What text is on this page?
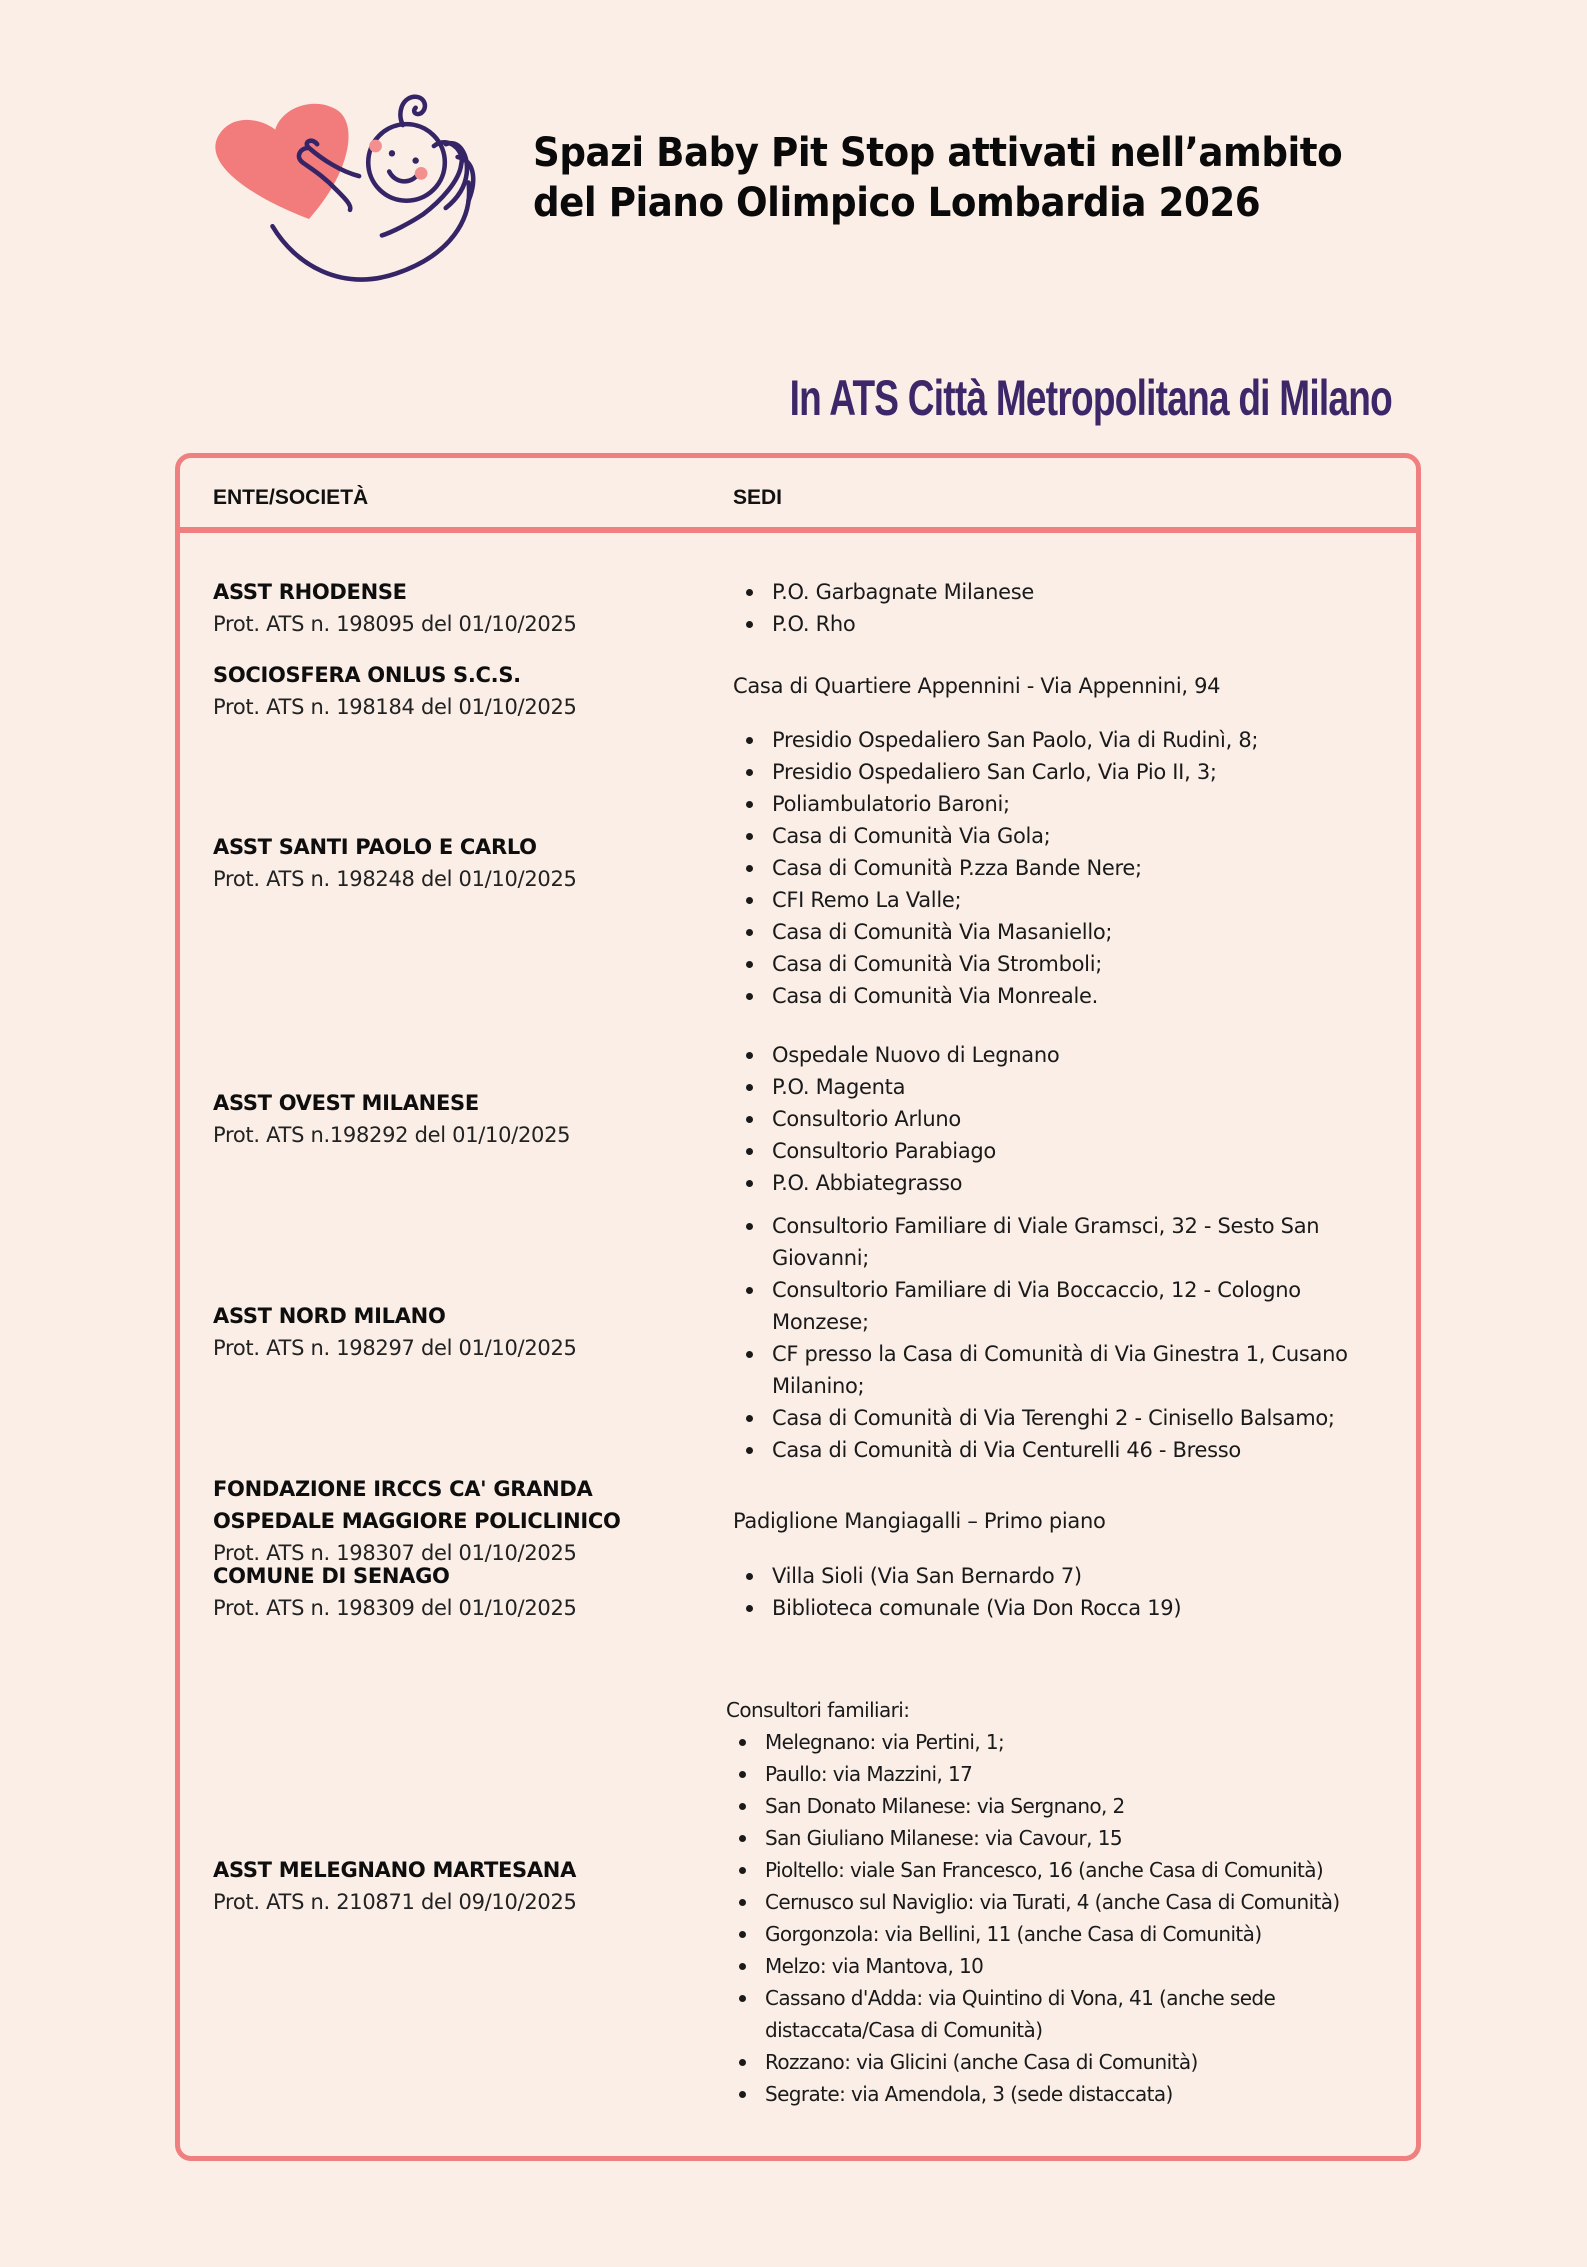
Spazi Baby Pit Stop attivati nell’ambito
del Piano Olimpico Lombardia 2026
In ATS Città Metropolitana di Milano
ENTE/SOCIETÀ	SEDI
ASST RHODENSE
Prot. ATS n. 198095 del 01/10/2025
P.O. Garbagnate Milanese
P.O. Rho
SOCIOSFERA ONLUS S.C.S.
Prot. ATS n. 198184 del 01/10/2025
Casa di Quartiere Appennini - Via Appennini, 94
ASST SANTI PAOLO E CARLO
Prot. ATS n. 198248 del 01/10/2025
Presidio Ospedaliero San Paolo, Via di Rudinì, 8;
Presidio Ospedaliero San Carlo, Via Pio II, 3;
Poliambulatorio Baroni;
Casa di Comunità Via Gola;
Casa di Comunità P.zza Bande Nere;
CFI Remo La Valle;
Casa di Comunità Via Masaniello;
Casa di Comunità Via Stromboli;
Casa di Comunità Via Monreale.
ASST OVEST MILANESE
Prot. ATS n.198292 del 01/10/2025
Ospedale Nuovo di Legnano
P.O. Magenta
Consultorio Arluno
Consultorio Parabiago
P.O. Abbiategrasso
ASST NORD MILANO
Prot. ATS n. 198297 del 01/10/2025
Consultorio Familiare di Viale Gramsci, 32 - Sesto San Giovanni;
Consultorio Familiare di Via Boccaccio, 12 - Cologno Monzese;
CF presso la Casa di Comunità di Via Ginestra 1, Cusano Milanino;
Casa di Comunità di Via Terenghi 2 - Cinisello Balsamo;
Casa di Comunità di Via Centurelli 46 - Bresso
FONDAZIONE IRCCS CA' GRANDA
OSPEDALE MAGGIORE POLICLINICO
Prot. ATS n. 198307 del 01/10/2025
Padiglione Mangiagalli – Primo piano
COMUNE DI SENAGO
Prot. ATS n. 198309 del 01/10/2025
Villa Sioli (Via San Bernardo 7)
Biblioteca comunale (Via Don Rocca 19)
ASST MELEGNANO MARTESANA
Prot. ATS n. 210871 del 09/10/2025
Consultori familiari:
Melegnano: via Pertini, 1;
Paullo: via Mazzini, 17
San Donato Milanese: via Sergnano, 2
San Giuliano Milanese: via Cavour, 15
Pioltello: viale San Francesco, 16 (anche Casa di Comunità)
Cernusco sul Naviglio: via Turati, 4 (anche Casa di Comunità)
Gorgonzola: via Bellini, 11 (anche Casa di Comunità)
Melzo: via Mantova, 10
Cassano d'Adda: via Quintino di Vona, 41 (anche sede distaccata/Casa di Comunità)
Rozzano: via Glicini (anche Casa di Comunità)
Segrate: via Amendola, 3 (sede distaccata)
